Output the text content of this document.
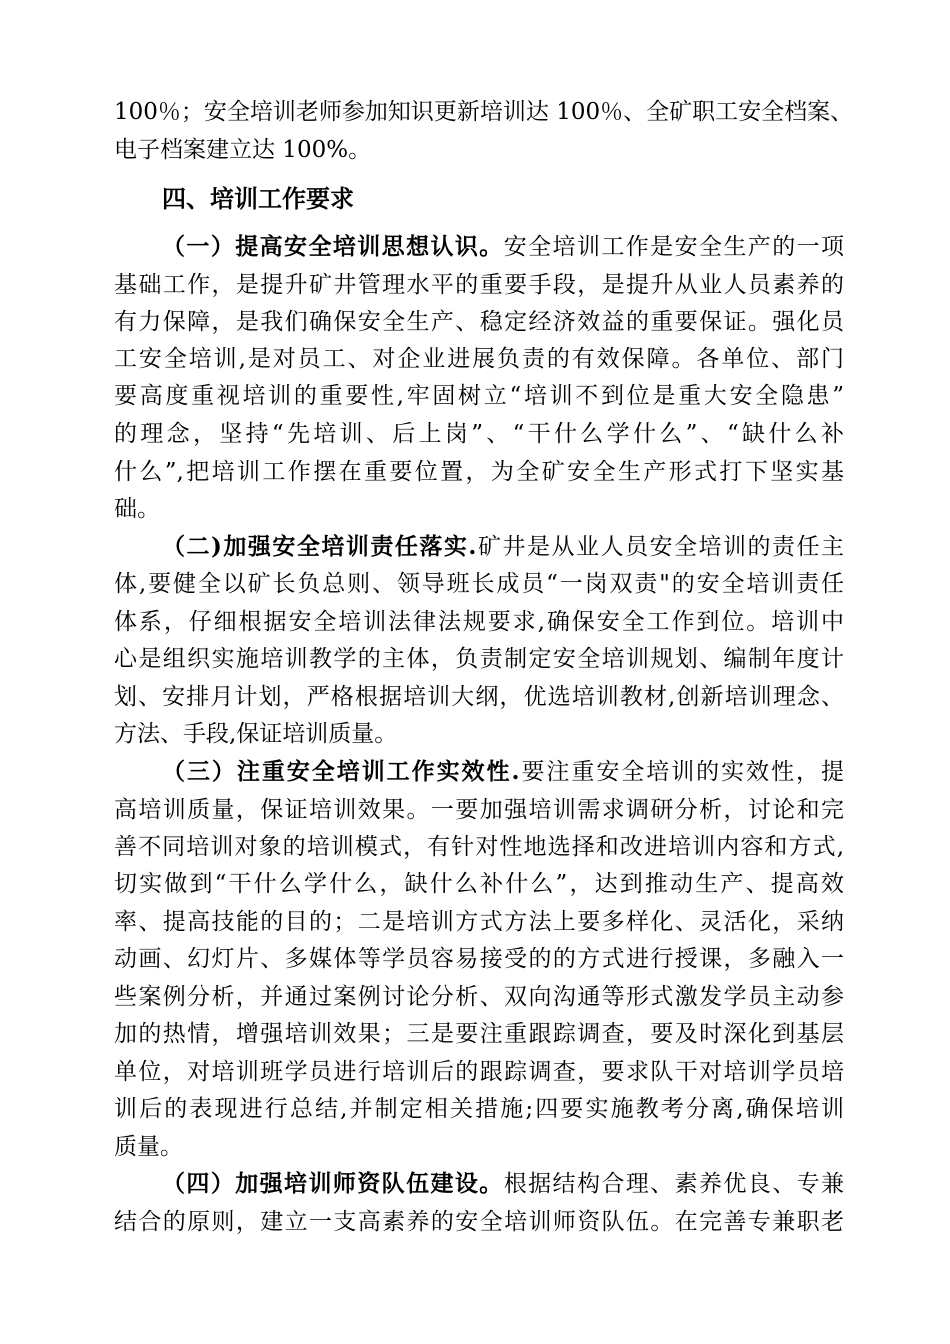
100％；安全培训老师参加知识更新培训达 100％、全矿职工安全档案、
电子档案建立达 100%。
四、培训工作要求
（一）提高安全培训思想认识。安全培训工作是安全生产的一项
基础工作，是提升矿井管理水平的重要手段，是提升从业人员素养的
有力保障，是我们确保安全生产、稳定经济效益的重要保证。强化员
工安全培训,是对员工、对企业进展负责的有效保障。各单位、部门
要高度重视培训的重要性,牢固树立“培训不到位是重大安全隐患”
的理念，坚持“先培训、后上岗”、“干什么学什么”、“缺什么补
什么”,把培训工作摆在重要位置，为全矿安全生产形式打下坚实基
础。
（二)加强安全培训责任落实.矿井是从业人员安全培训的责任主
体,要健全以矿长负总则、领导班长成员“一岗双责"的安全培训责任
体系，仔细根据安全培训法律法规要求,确保安全工作到位。培训中
心是组织实施培训教学的主体，负责制定安全培训规划、编制年度计
划、安排月计划，严格根据培训大纲，优选培训教材,创新培训理念、
方法、手段,保证培训质量。
（三）注重安全培训工作实效性.要注重安全培训的实效性，提
高培训质量，保证培训效果。一要加强培训需求调研分析，讨论和完
善不同培训对象的培训模式，有针对性地选择和改进培训内容和方式,
切实做到“干什么学什么，缺什么补什么”，达到推动生产、提高效
率、提高技能的目的；二是培训方式方法上要多样化、灵活化，采纳
动画、幻灯片、多媒体等学员容易接受的的方式进行授课，多融入一
些案例分析，并通过案例讨论分析、双向沟通等形式激发学员主动参
加的热情，增强培训效果；三是要注重跟踪调查，要及时深化到基层
单位，对培训班学员进行培训后的跟踪调查，要求队干对培训学员培
训后的表现进行总结,并制定相关措施;四要实施教考分离,确保培训
质量。
（四）加强培训师资队伍建设。根据结构合理、素养优良、专兼
结合的原则，建立一支高素养的安全培训师资队伍。在完善专兼职老
